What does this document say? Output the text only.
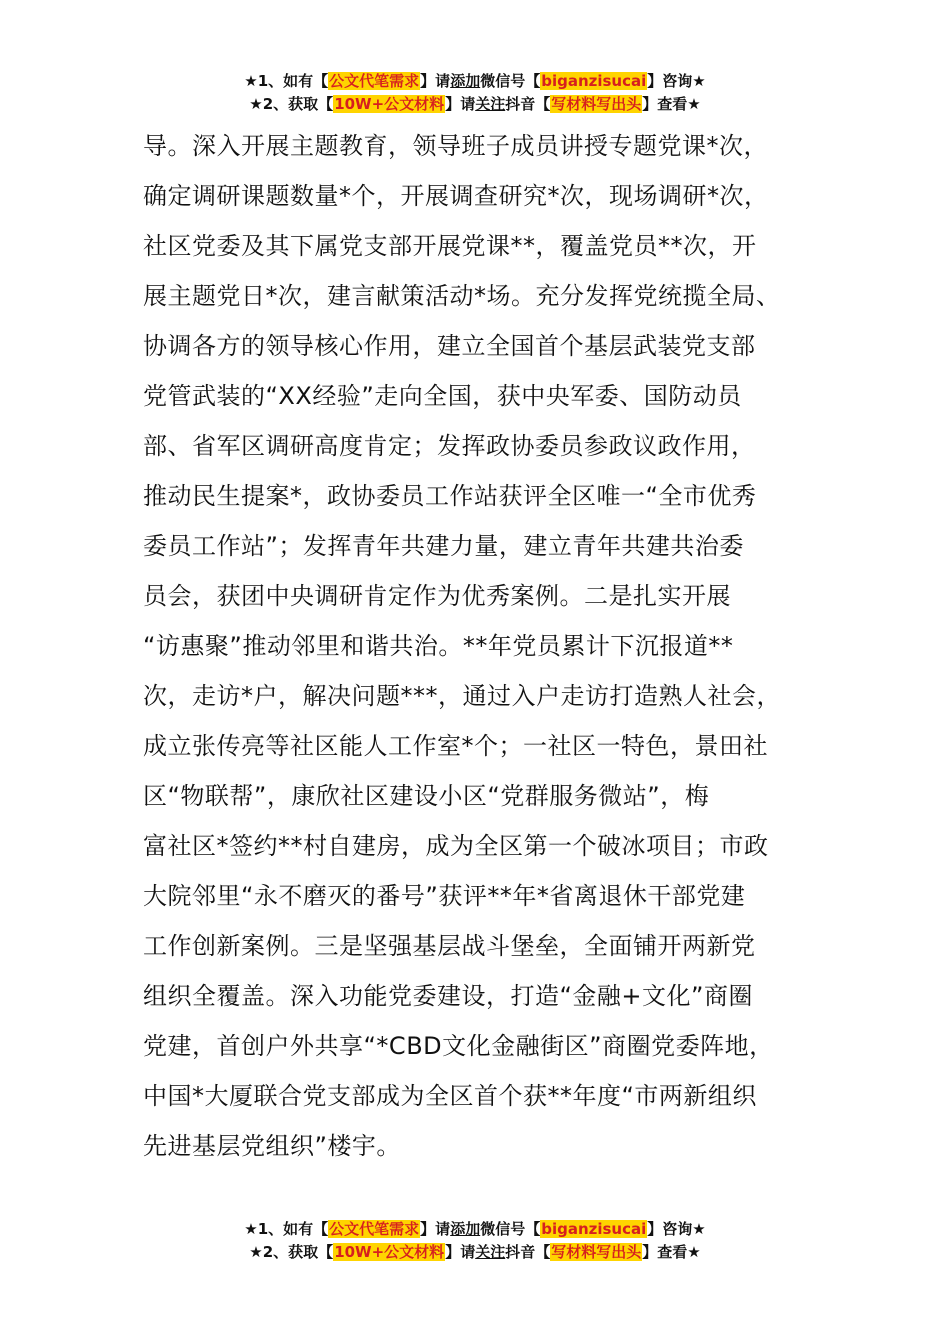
★1、如有【公文代笔需求】请添加微信号【biganzisucai】咨询★
★2、获取【10W+公文材料】请关注抖音【写材料写出头】查看★
导。深入开展主题教育，领导班子成员讲授专题党课*次，
确定调研课题数量*个，开展调查研究*次，现场调研*次，
社区党委及其下属党支部开展党课**，覆盖党员**次，开
展主题党日*次，建言献策活动*场。充分发挥党统揽全局、
协调各方的领导核心作用，建立全国首个基层武装党支部
党管武装的“XX经验”走向全国，获中央军委、国防动员
部、省军区调研高度肯定；发挥政协委员参政议政作用，
推动民生提案*，政协委员工作站获评全区唯一“全市优秀
委员工作站”；发挥青年共建力量，建立青年共建共治委
员会，获团中央调研肯定作为优秀案例。二是扎实开展
“访惠聚”推动邻里和谐共治。**年党员累计下沉报道**
次，走访*户，解决问题***，通过入户走访打造熟人社会，
成立张传亮等社区能人工作室*个；一社区一特色，景田社
区“物联帮”，康欣社区建设小区“党群服务微站”，梅
富社区*签约**村自建房，成为全区第一个破冰项目；市政
大院邻里“永不磨灭的番号”获评**年*省离退休干部党建
工作创新案例。三是坚强基层战斗堡垒，全面铺开两新党
组织全覆盖。深入功能党委建设，打造“金融+文化”商圈
党建，首创户外共享“*CBD文化金融街区”商圈党委阵地，
中国*大厦联合党支部成为全区首个获**年度“市两新组织
先进基层党组织”楼宇。
★1、如有【公文代笔需求】请添加微信号【biganzisucai】咨询★
★2、获取【10W+公文材料】请关注抖音【写材料写出头】查看★
